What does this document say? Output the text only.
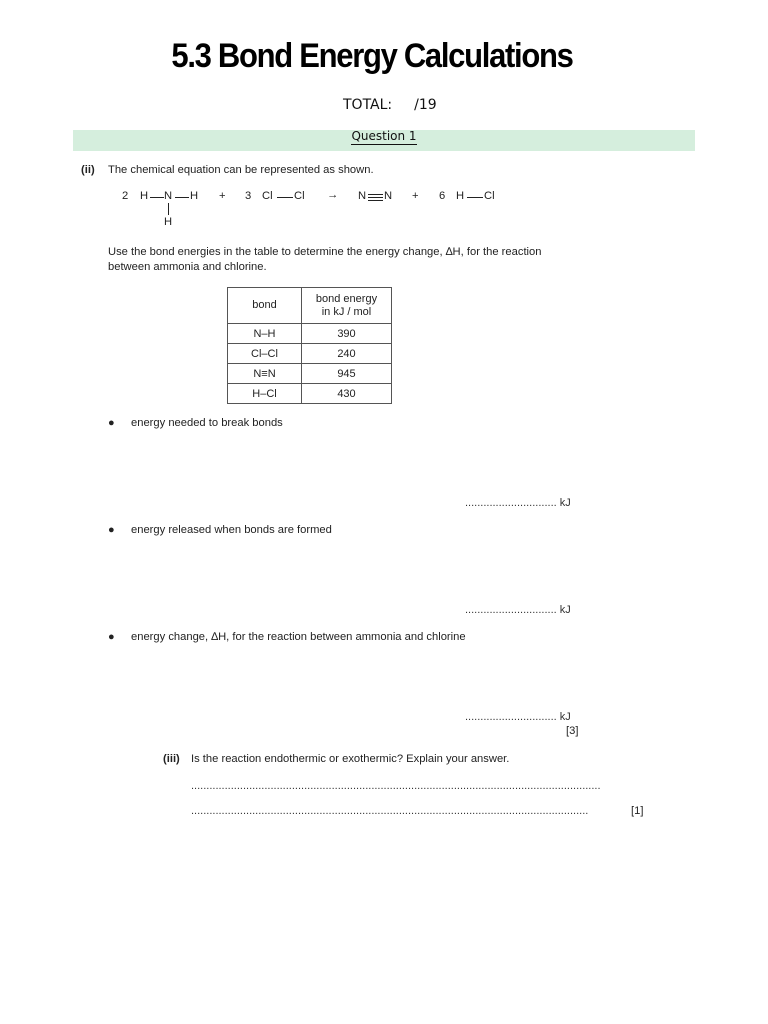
5.3 Bond Energy Calculations
TOTAL: /19
Question 1
(ii) The chemical equation can be represented as shown.
2 H N H
H
+ 3 Cl Cl → N N + 6 H Cl
Use the bond energies in the table to determine the energy change, ∆H, for the reaction
between ammonia and chlorine.
bond	bond energy
in kJ / mol
N–H	390
Cl–Cl	240
N≡N	945
H–Cl	430
● energy needed to break bonds
.............................. kJ
● energy released when bonds are formed
.............................. kJ
● energy change, ∆H, for the reaction between ammonia and chlorine
.............................. kJ
[3]
(iii) Is the reaction endothermic or exothermic? Explain your answer.
......................................................................................................................................
..................................................................................................................................	[1]
